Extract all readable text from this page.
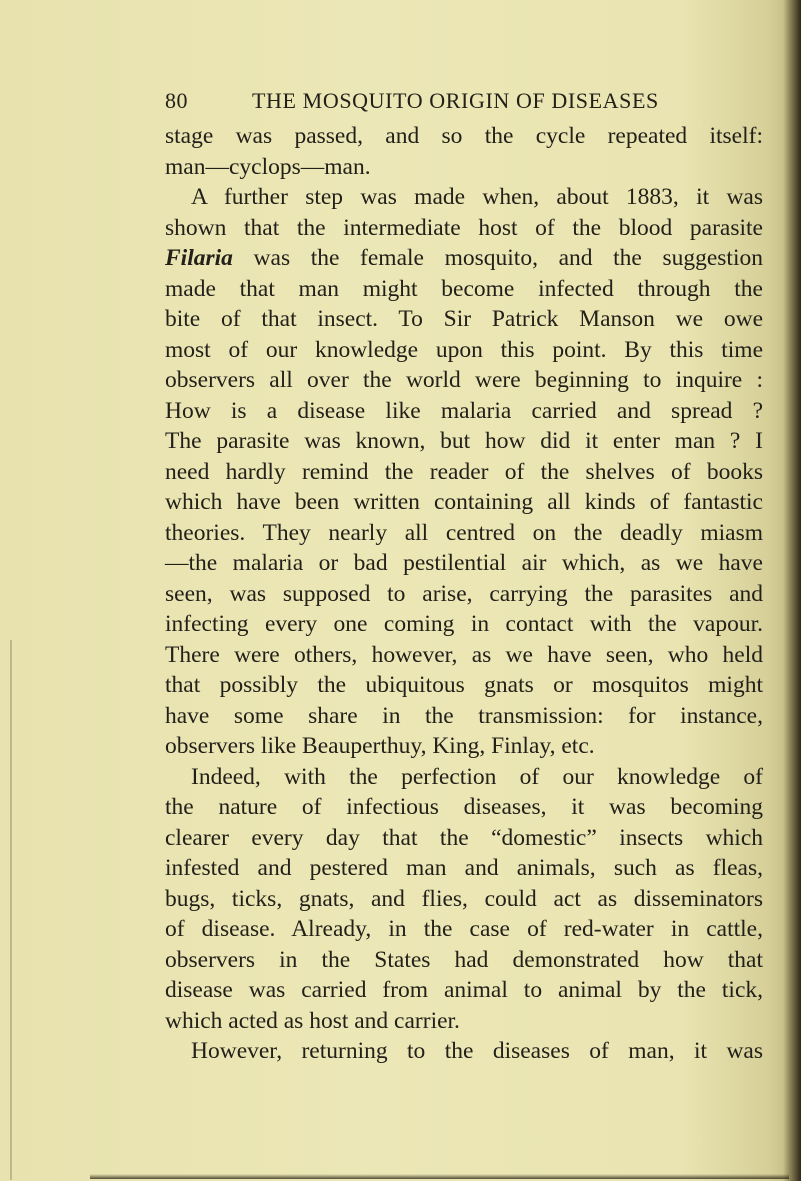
80	THE MOSQUITO ORIGIN OF DISEASES
stage was passed, and so the cycle repeated itself:
man—cyclops—man.
A further step was made when, about 1883, it was
shown that the intermediate host of the blood parasite
Filaria was the female mosquito, and the suggestion
made that man might become infected through the
bite of that insect. To Sir Patrick Manson we owe
most of our knowledge upon this point. By this time
observers all over the world were beginning to inquire :
How is a disease like malaria carried and spread ?
The parasite was known, but how did it enter man ? I
need hardly remind the reader of the shelves of books
which have been written containing all kinds of fantastic
theories. They nearly all centred on the deadly miasm
—the malaria or bad pestilential air which, as we have
seen, was supposed to arise, carrying the parasites and
infecting every one coming in contact with the vapour.
There were others, however, as we have seen, who held
that possibly the ubiquitous gnats or mosquitos might
have some share in the transmission: for instance,
observers like Beauperthuy, King, Finlay, etc.
Indeed, with the perfection of our knowledge of
the nature of infectious diseases, it was becoming
clearer every day that the “domestic” insects which
infested and pestered man and animals, such as fleas,
bugs, ticks, gnats, and flies, could act as disseminators
of disease. Already, in the case of red-water in cattle,
observers in the States had demonstrated how that
disease was carried from animal to animal by the tick,
which acted as host and carrier.
However, returning to the diseases of man, it was
